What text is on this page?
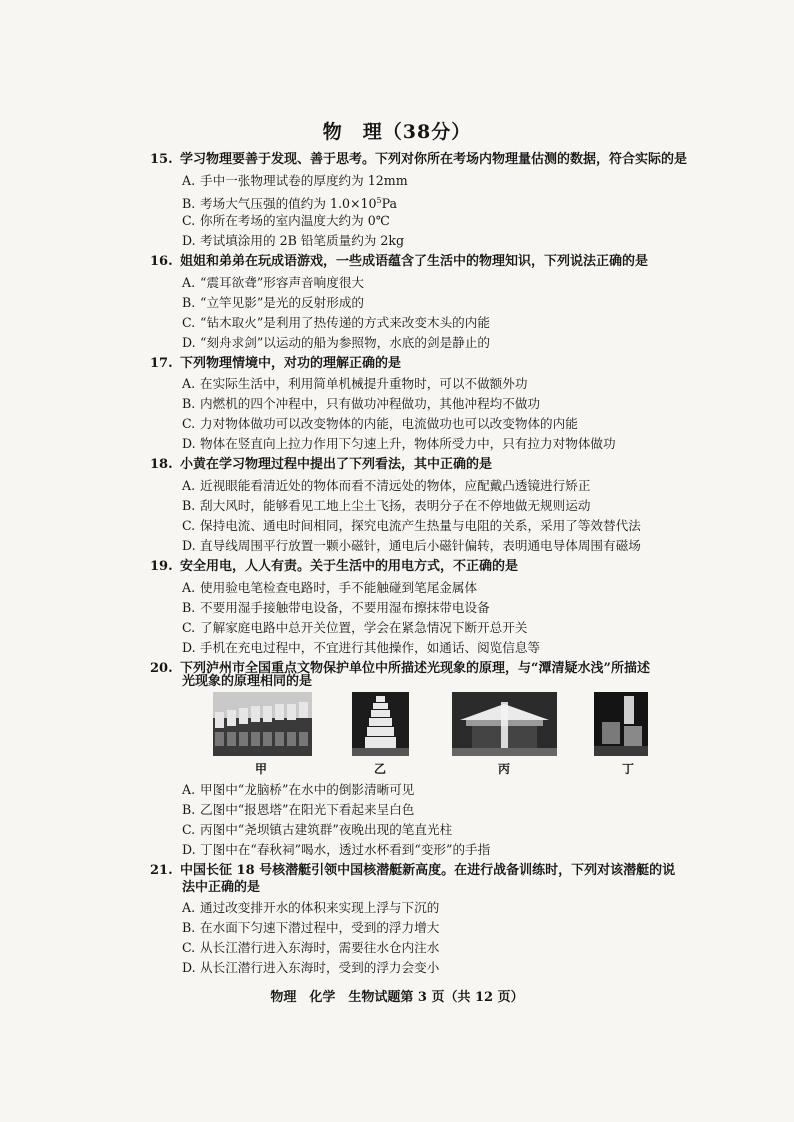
物　理（38分）
15. 学习物理要善于发现、善于思考。下列对你所在考场内物理量估测的数据，符合实际的是
A. 手中一张物理试卷的厚度约为 12mm
B. 考场大气压强的值约为 $1.0\times 10^5Pa$
C. 你所在考场的室内温度大约为 0℃
D. 考试填涂用的 2B 铅笔质量约为 2kg
16. 姐姐和弟弟在玩成语游戏，一些成语蕴含了生活中的物理知识，下列说法正确的是
A. “震耳欲聋”形容声音响度很大
B. “立竿见影”是光的反射形成的
C. “钻木取火”是利用了热传递的方式来改变木头的内能
D. “刻舟求剑”以运动的船为参照物，水底的剑是静止的
17. 下列物理情境中，对功的理解正确的是
A. 在实际生活中，利用简单机械提升重物时，可以不做额外功
B. 内燃机的四个冲程中，只有做功冲程做功，其他冲程均不做功
C. 力对物体做功可以改变物体的内能，电流做功也可以改变物体的内能
D. 物体在竖直向上拉力作用下匀速上升，物体所受力中，只有拉力对物体做功
18. 小黄在学习物理过程中提出了下列看法，其中正确的是
A. 近视眼能看清近处的物体而看不清远处的物体，应配戴凸透镜进行矫正
B. 刮大风时，能够看见工地上尘土飞扬，表明分子在不停地做无规则运动
C. 保持电流、通电时间相同，探究电流产生热量与电阻的关系，采用了等效替代法
D. 直导线周围平行放置一颗小磁针，通电后小磁针偏转，表明通电导体周围有磁场
19. 安全用电，人人有责。关于生活中的用电方式，不正确的是
A. 使用验电笔检查电路时，手不能触碰到笔尾金属体
B. 不要用湿手接触带电设备，不要用湿布擦抹带电设备
C. 了解家庭电路中总开关位置，学会在紧急情况下断开总开关
D. 手机在充电过程中，不宜进行其他操作，如通话、阅览信息等
20. 下列泸州市全国重点文物保护单位中所描述光现象的原理，与“潭清疑水浅”所描述
光现象的原理相同的是
甲	乙	丙	丁
A. 甲图中“龙脑桥”在水中的倒影清晰可见
B. 乙图中“报恩塔”在阳光下看起来呈白色
C. 丙图中“尧坝镇古建筑群”夜晚出现的笔直光柱
D. 丁图中在“春秋祠”喝水，透过水杯看到“变形”的手指
21. 中国长征 18 号核潜艇引领中国核潜艇新高度。在进行战备训练时，下列对该潜艇的说
法中正确的是
A. 通过改变排开水的体积来实现上浮与下沉的
B. 在水面下匀速下潜过程中，受到的浮力增大
C. 从长江潜行进入东海时，需要往水仓内注水
D. 从长江潜行进入东海时，受到的浮力会变小
物理　化学　生物试题第 3 页（共 12 页）
